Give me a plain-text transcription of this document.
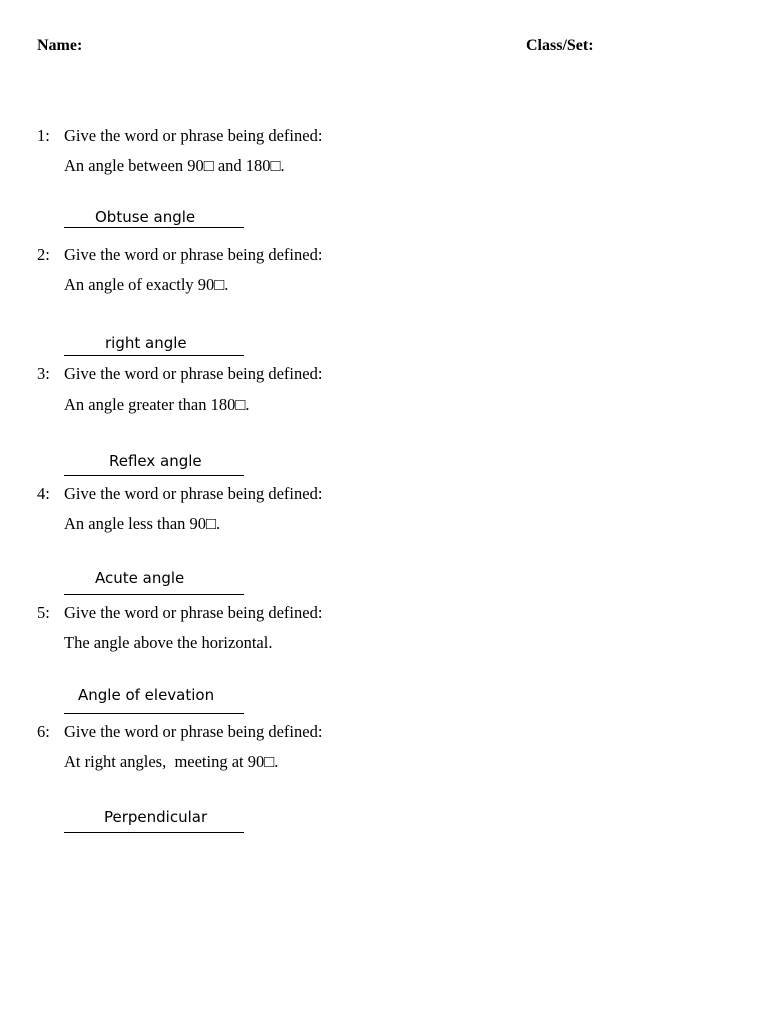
Name:	Class/Set:
1: Give the word or phrase being defined:
An angle between 90□ and 180□.
Obtuse angle
2: Give the word or phrase being defined:
An angle of exactly 90□.
right angle
3: Give the word or phrase being defined:
An angle greater than 180□.
Reflex angle
4: Give the word or phrase being defined:
An angle less than 90□.
Acute angle
5: Give the word or phrase being defined:
The angle above the horizontal.
Angle of elevation
6: Give the word or phrase being defined:
At right angles,  meeting at 90□.
Perpendicular
